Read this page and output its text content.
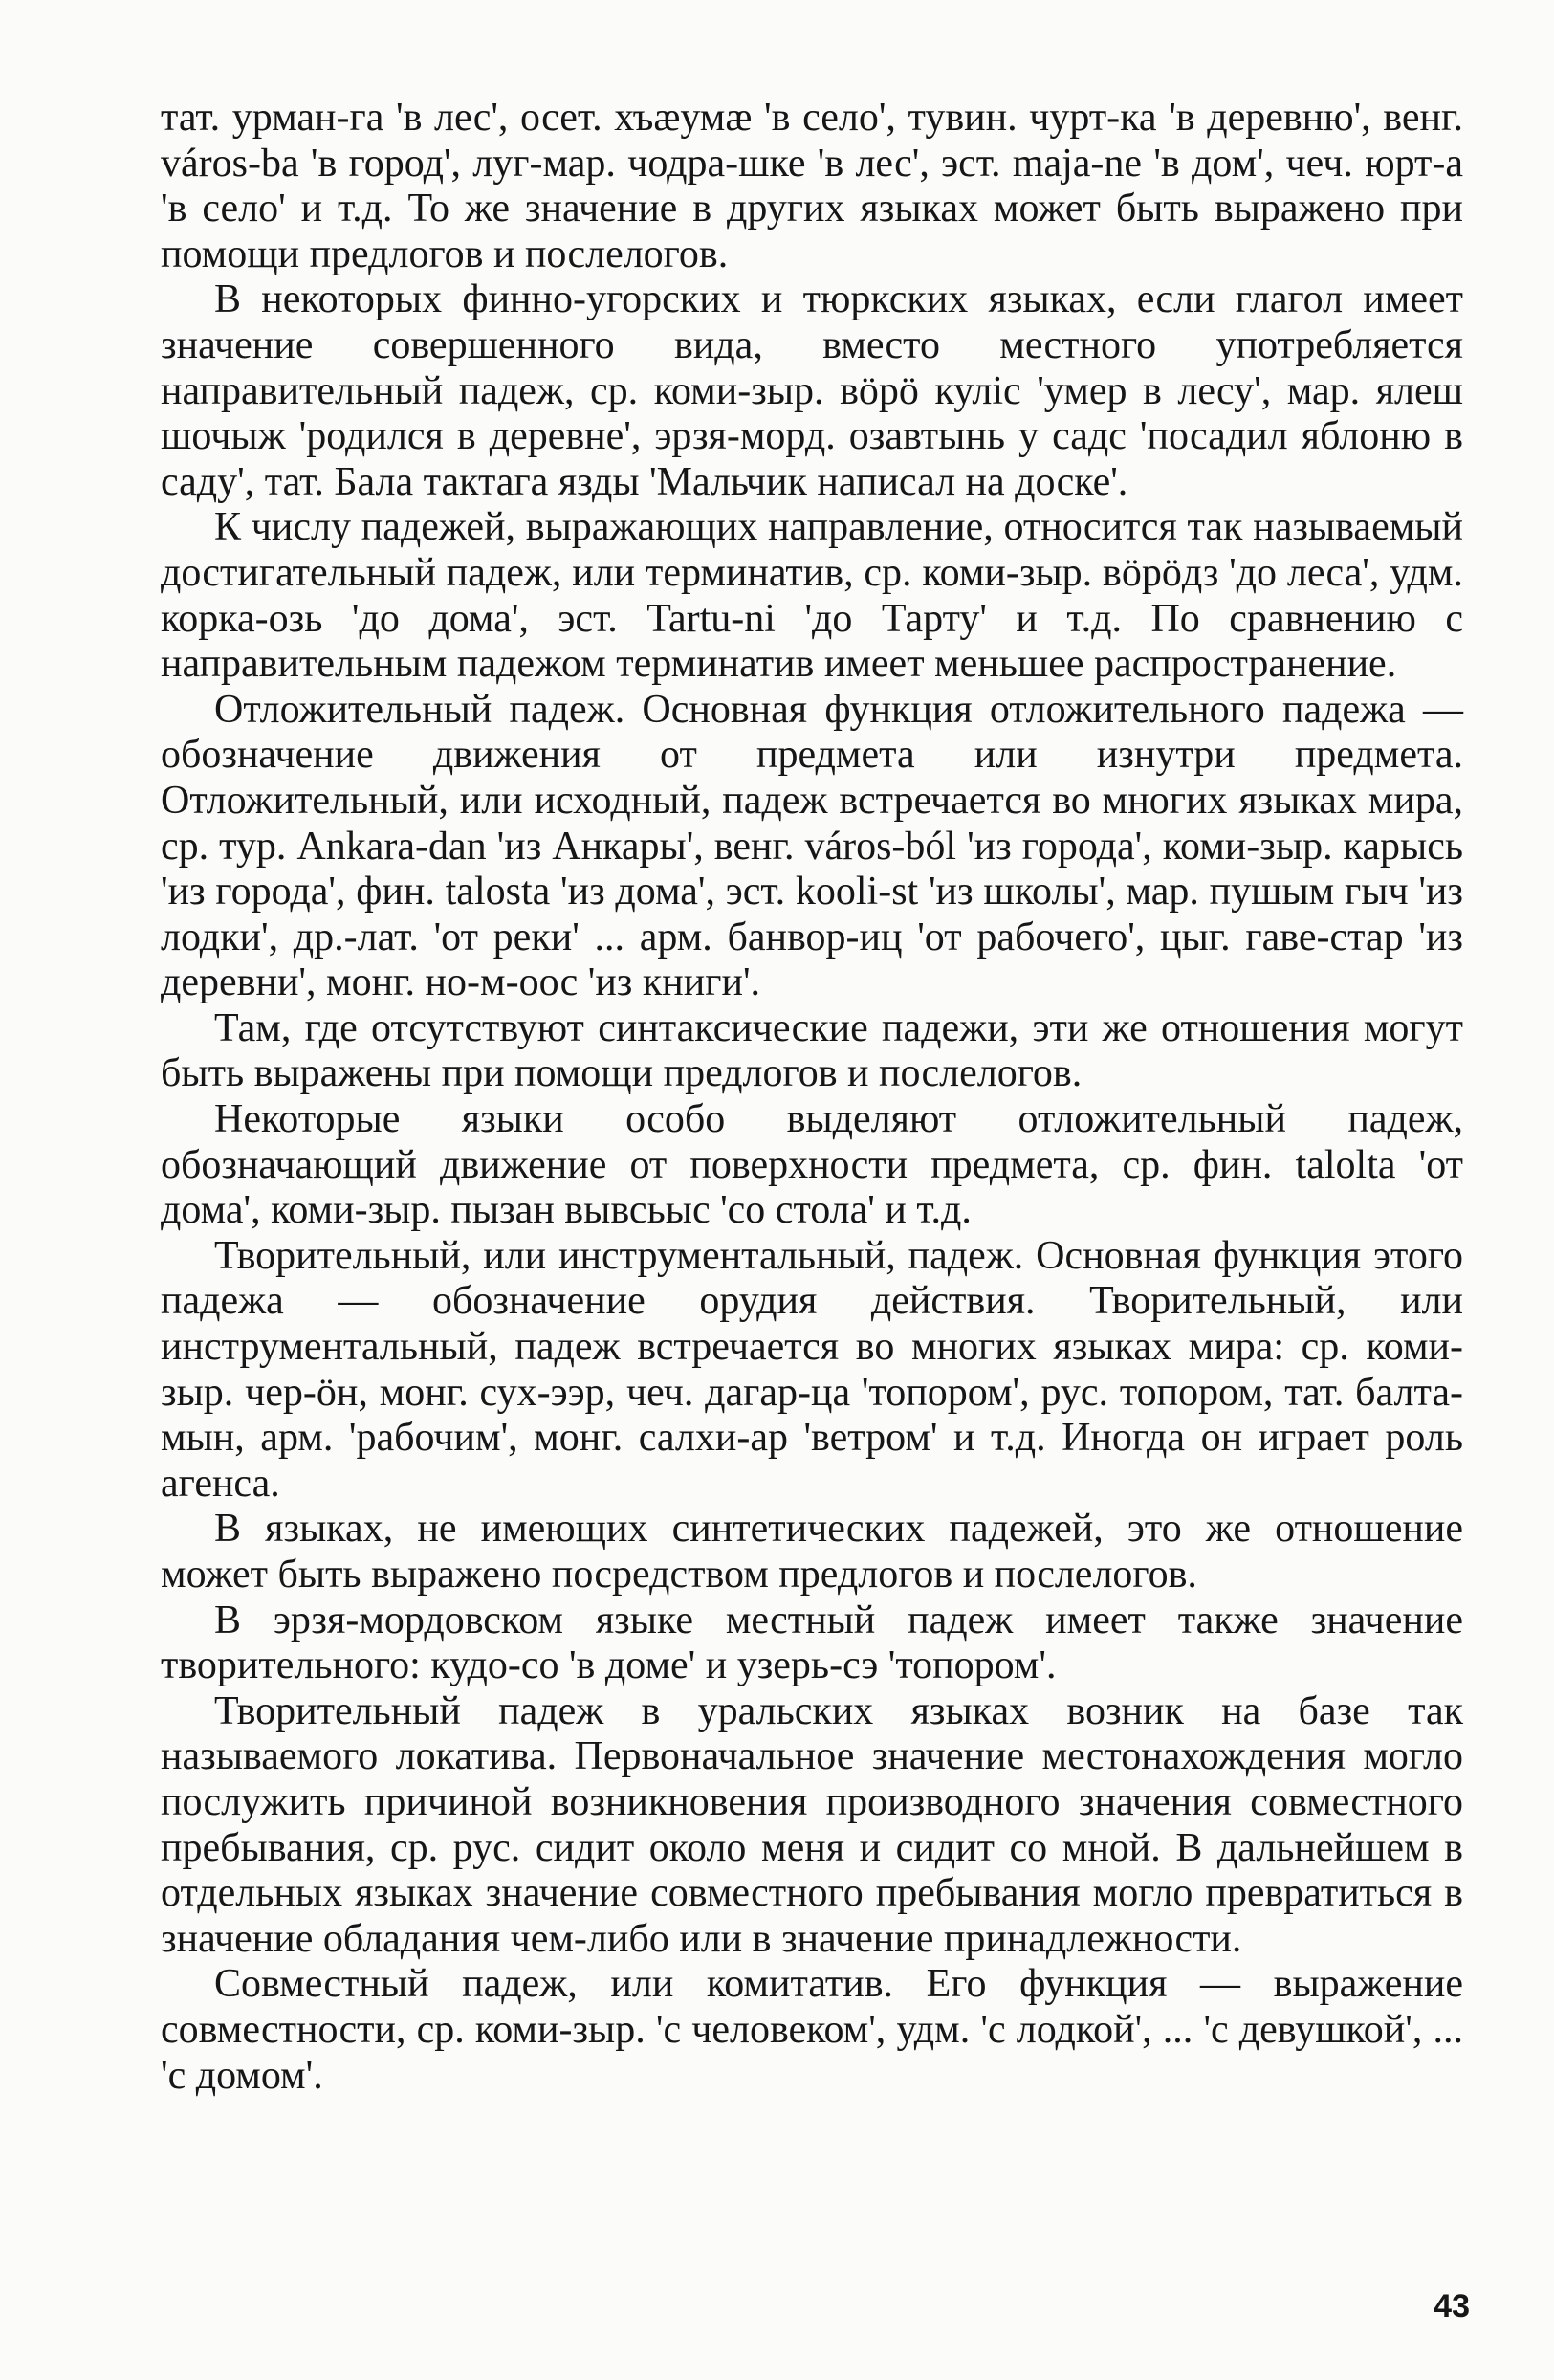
тат. урман-га 'в лес', осет. хъæумæ 'в село', тувин. чурт-ка 'в деревню', венг. város-ba 'в город', луг-мар. чодра-шке 'в лес', эст. maja-ne 'в дом', чеч. юрт-а 'в село' и т.д. То же значение в других языках может быть выражено при помощи предлогов и послелогов.

В некоторых финно-угорских и тюркских языках, если глагол имеет значение совершенного вида, вместо местного употребляется направительный падеж, ср. коми-зыр. вöрö кулiс 'умер в лесу', мар. ялеш шочыж 'родился в деревне', эрзя-морд. озавтынь у садс 'посадил яблоню в саду', тат. Бала тактага язды 'Мальчик написал на доске'.

К числу падежей, выражающих направление, относится так называемый достигательный падеж, или терминатив, ср. коми-зыр. вöрöдз 'до леса', удм. корка-озь 'до дома', эст. Tartu-ni 'до Тарту' и т.д. По сравнению с направительным падежом терминатив имеет меньшее распространение.

Отложительный падеж. Основная функция отложительного падежа — обозначение движения от предмета или изнутри предмета. Отложительный, или исходный, падеж встречается во многих языках мира, ср. тур. Ankara-dan 'из Анкары', венг. város-ból 'из города', коми-зыр. карысь 'из города', фин. talosta 'из дома', эст. kooli-st 'из школы', мар. пушым гыч 'из лодки', др.-лат. 'от реки' ... арм. банвор-иц 'от рабочего', цыг. гаве-стар 'из деревни', монг. но-м-оос 'из книги'.

Там, где отсутствуют синтаксические падежи, эти же отношения могут быть выражены при помощи предлогов и послелогов.

Некоторые языки особо выделяют отложительный падеж, обозначающий движение от поверхности предмета, ср. фин. talolta 'от дома', коми-зыр. пызан вывсьыс 'со стола' и т.д.

Творительный, или инструментальный, падеж. Основная функция этого падежа — обозначение орудия действия. Творительный, или инструментальный, падеж встречается во многих языках мира: ср. коми-зыр. чер-öн, монг. сух-ээр, чеч. дагар-ца 'топором', рус. топором, тат. балта-мын, арм. 'рабочим', монг. салхи-ар 'ветром' и т.д. Иногда он играет роль агенса.

В языках, не имеющих синтетических падежей, это же отношение может быть выражено посредством предлогов и послелогов.

В эрзя-мордовском языке местный падеж имеет также значение творительного: кудо-со 'в доме' и узерь-сэ 'топором'.

Творительный падеж в уральских языках возник на базе так называемого локатива. Первоначальное значение местонахождения могло послужить причиной возникновения производного значения совместного пребывания, ср. рус. сидит около меня и сидит со мной. В дальнейшем в отдельных языках значение совместного пребывания могло превратиться в значение обладания чем-либо или в значение принадлежности.

Совместный падеж, или комитатив. Его функция — выражение совместности, ср. коми-зыр. 'с человеком', удм. 'с лодкой', ... 'с девушкой', ... 'с домом'.

43
